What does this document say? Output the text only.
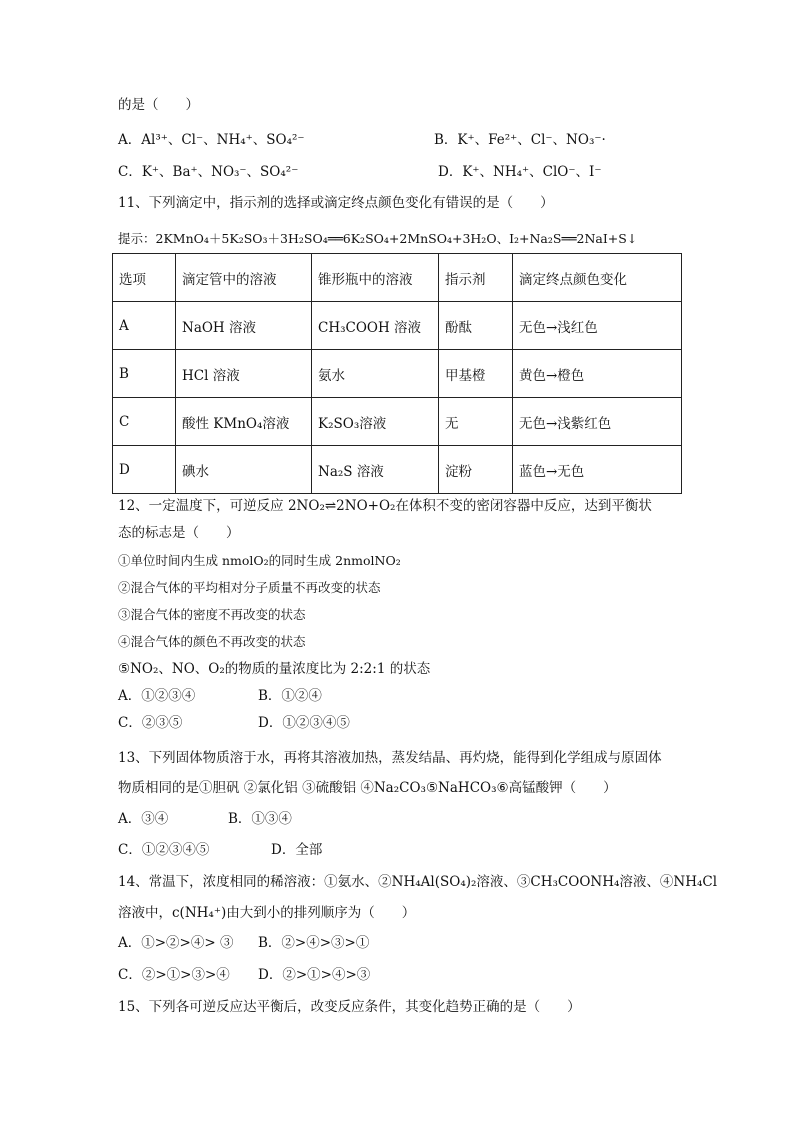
的是（　　）
A．Al³⁺、Cl⁻、NH₄⁺、SO₄²⁻	B．K⁺、Fe²⁺、Cl⁻、NO₃⁻·
C．K⁺、Ba⁺、NO₃⁻、SO₄²⁻	D．K⁺、NH₄⁺、ClO⁻、I⁻
11、下列滴定中，指示剂的选择或滴定终点颜色变化有错误的是（　　）
提示：2KMnO₄＋5K₂SO₃＋3H₂SO₄══6K₂SO₄+2MnSO₄+3H₂O、I₂+Na₂S══2NaI+S↓
选项	滴定管中的溶液	锥形瓶中的溶液	指示剂	滴定终点颜色变化
A	NaOH 溶液	CH₃COOH 溶液	酚酞	无色→浅红色
B	HCl 溶液	氨水	甲基橙	黄色→橙色
C	酸性 KMnO₄溶液	K₂SO₃溶液	无	无色→浅紫红色
D	碘水	Na₂S 溶液	淀粉	蓝色→无色
12、一定温度下，可逆反应 2NO₂⇌2NO+O₂在体积不变的密闭容器中反应，达到平衡状
态的标志是（　　）
①单位时间内生成 nmolO₂的同时生成 2nmolNO₂
②混合气体的平均相对分子质量不再改变的状态
③混合气体的密度不再改变的状态
④混合气体的颜色不再改变的状态
⑤NO₂、NO、O₂的物质的量浓度比为 2:2:1 的状态
A．①②③④	B．①②④
C．②③⑤	D．①②③④⑤
13、下列固体物质溶于水，再将其溶液加热，蒸发结晶、再灼烧，能得到化学组成与原固体
物质相同的是①胆矾 ②氯化铝 ③硫酸铝 ④Na₂CO₃⑤NaHCO₃⑥高锰酸钾（　　）
A．③④	B．①③④
C．①②③④⑤	D．全部
14、常温下，浓度相同的稀溶液：①氨水、②NH₄Al(SO₄)₂溶液、③CH₃COONH₄溶液、④NH₄Cl
溶液中，c(NH₄⁺)由大到小的排列顺序为（　　）
A．①>②>④> ③ B．②>④>③>①
C．②>①>③>④ D．②>①>④>③
15、下列各可逆反应达平衡后，改变反应条件，其变化趋势正确的是（　　）
